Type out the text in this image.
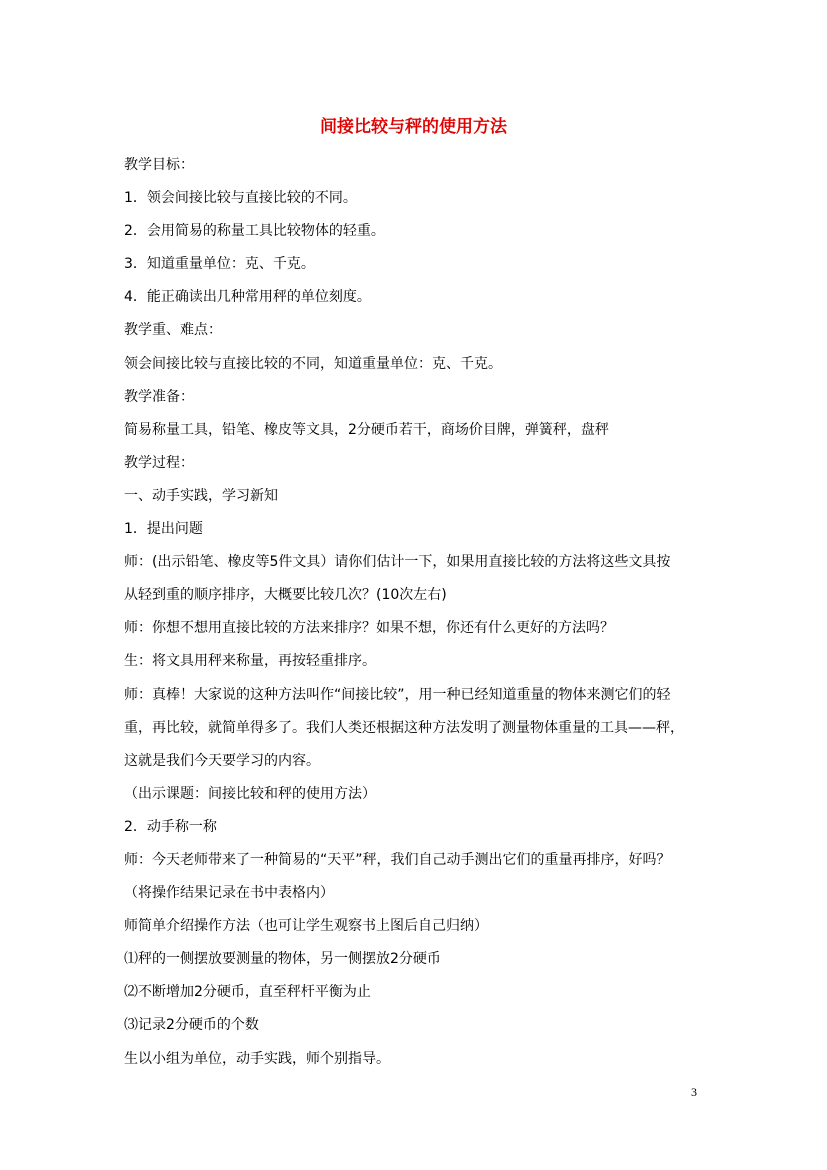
间接比较与秤的使用方法

教学目标：

1．领会间接比较与直接比较的不同。

2．会用简易的称量工具比较物体的轻重。

3．知道重量单位：克、千克。

4．能正确读出几种常用秤的单位刻度。

教学重、难点：

领会间接比较与直接比较的不同，知道重量单位：克、千克。

教学准备：

简易称量工具，铅笔、橡皮等文具，2分硬币若干，商场价目牌，弹簧秤，盘秤

教学过程：

一、动手实践，学习新知

1．提出问题

师：(出示铅笔、橡皮等5件文具）请你们估计一下，如果用直接比较的方法将这些文具按

从轻到重的顺序排序，大概要比较几次？(10次左右)

师：你想不想用直接比较的方法来排序？如果不想，你还有什么更好的方法吗？

生：将文具用秤来称量，再按轻重排序。

师：真棒！大家说的这种方法叫作“间接比较”，用一种已经知道重量的物体来测它们的轻

重，再比较，就简单得多了。我们人类还根据这种方法发明了测量物体重量的工具——秤，

这就是我们今天要学习的内容。

（出示课题：间接比较和秤的使用方法）

2．动手称一称

师：今天老师带来了一种简易的“天平”秤，我们自己动手测出它们的重量再排序，好吗？

（将操作结果记录在书中表格内）

师简单介绍操作方法（也可让学生观察书上图后自己归纳）

⑴秤的一侧摆放要测量的物体，另一侧摆放2分硬币

⑵不断增加2分硬币，直至秤杆平衡为止

⑶记录2分硬币的个数

生以小组为单位，动手实践，师个别指导。

3
